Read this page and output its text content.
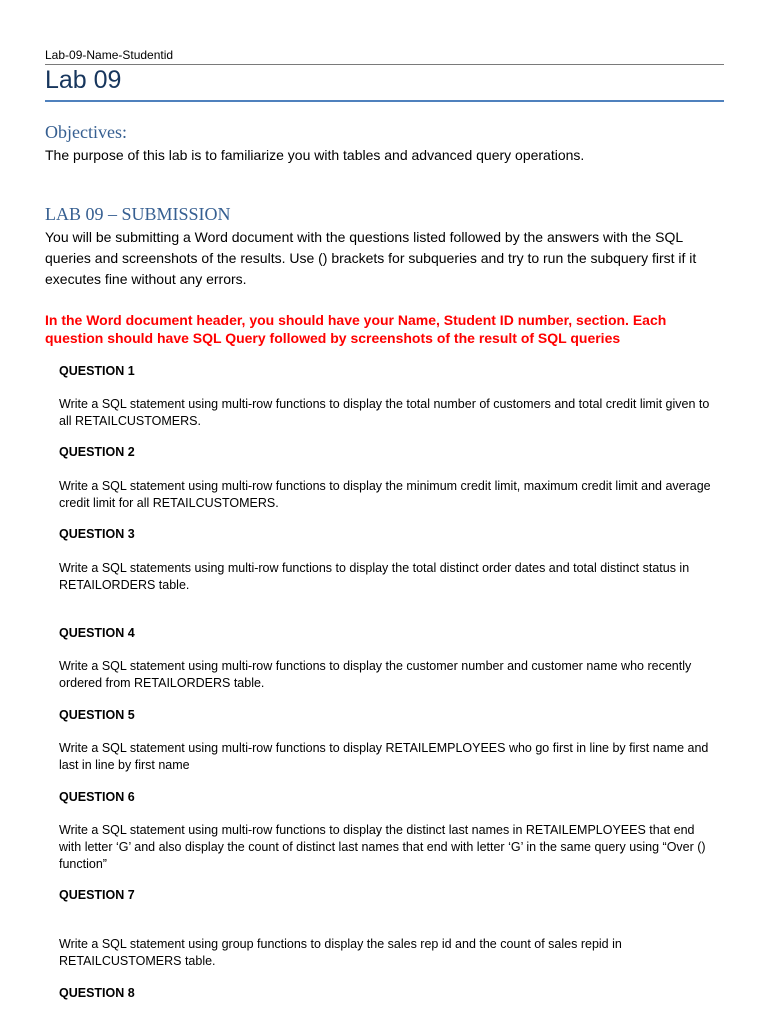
Lab-09-Name-Studentid
Lab 09
Objectives:
The purpose of this lab is to familiarize you with tables and advanced query operations.
LAB 09 – SUBMISSION
You will be submitting a Word document with the questions listed followed by the answers with the SQL queries and screenshots of the results. Use () brackets for subqueries and try to run the subquery first if it executes fine without any errors.
In the Word document header, you should have your Name, Student ID number, section. Each question should have SQL Query followed by screenshots of the result of SQL queries
QUESTION 1
Write a SQL statement using multi-row functions to display the total number of customers and total credit limit given to all RETAILCUSTOMERS.
QUESTION 2
Write a SQL statement using multi-row functions to display the minimum credit limit, maximum credit limit and average credit limit for all RETAILCUSTOMERS.
QUESTION 3
Write a SQL statements using multi-row functions to display the total distinct order dates and total distinct status in RETAILORDERS table.
QUESTION 4
Write a SQL statement using multi-row functions to display the customer number and customer name who recently ordered from RETAILORDERS table.
QUESTION 5
Write a SQL statement using multi-row functions to display RETAILEMPLOYEES who go first in line by first name and last in line by first name
QUESTION 6
Write a SQL statement using multi-row functions to display the distinct last names in RETAILEMPLOYEES that end with letter ‘G’ and also display the count of distinct last names that end with letter ‘G’ in the same query using “Over () function”
QUESTION 7
Write a SQL statement using group functions to display the sales rep id and the count of sales repid in RETAILCUSTOMERS table.
QUESTION 8
